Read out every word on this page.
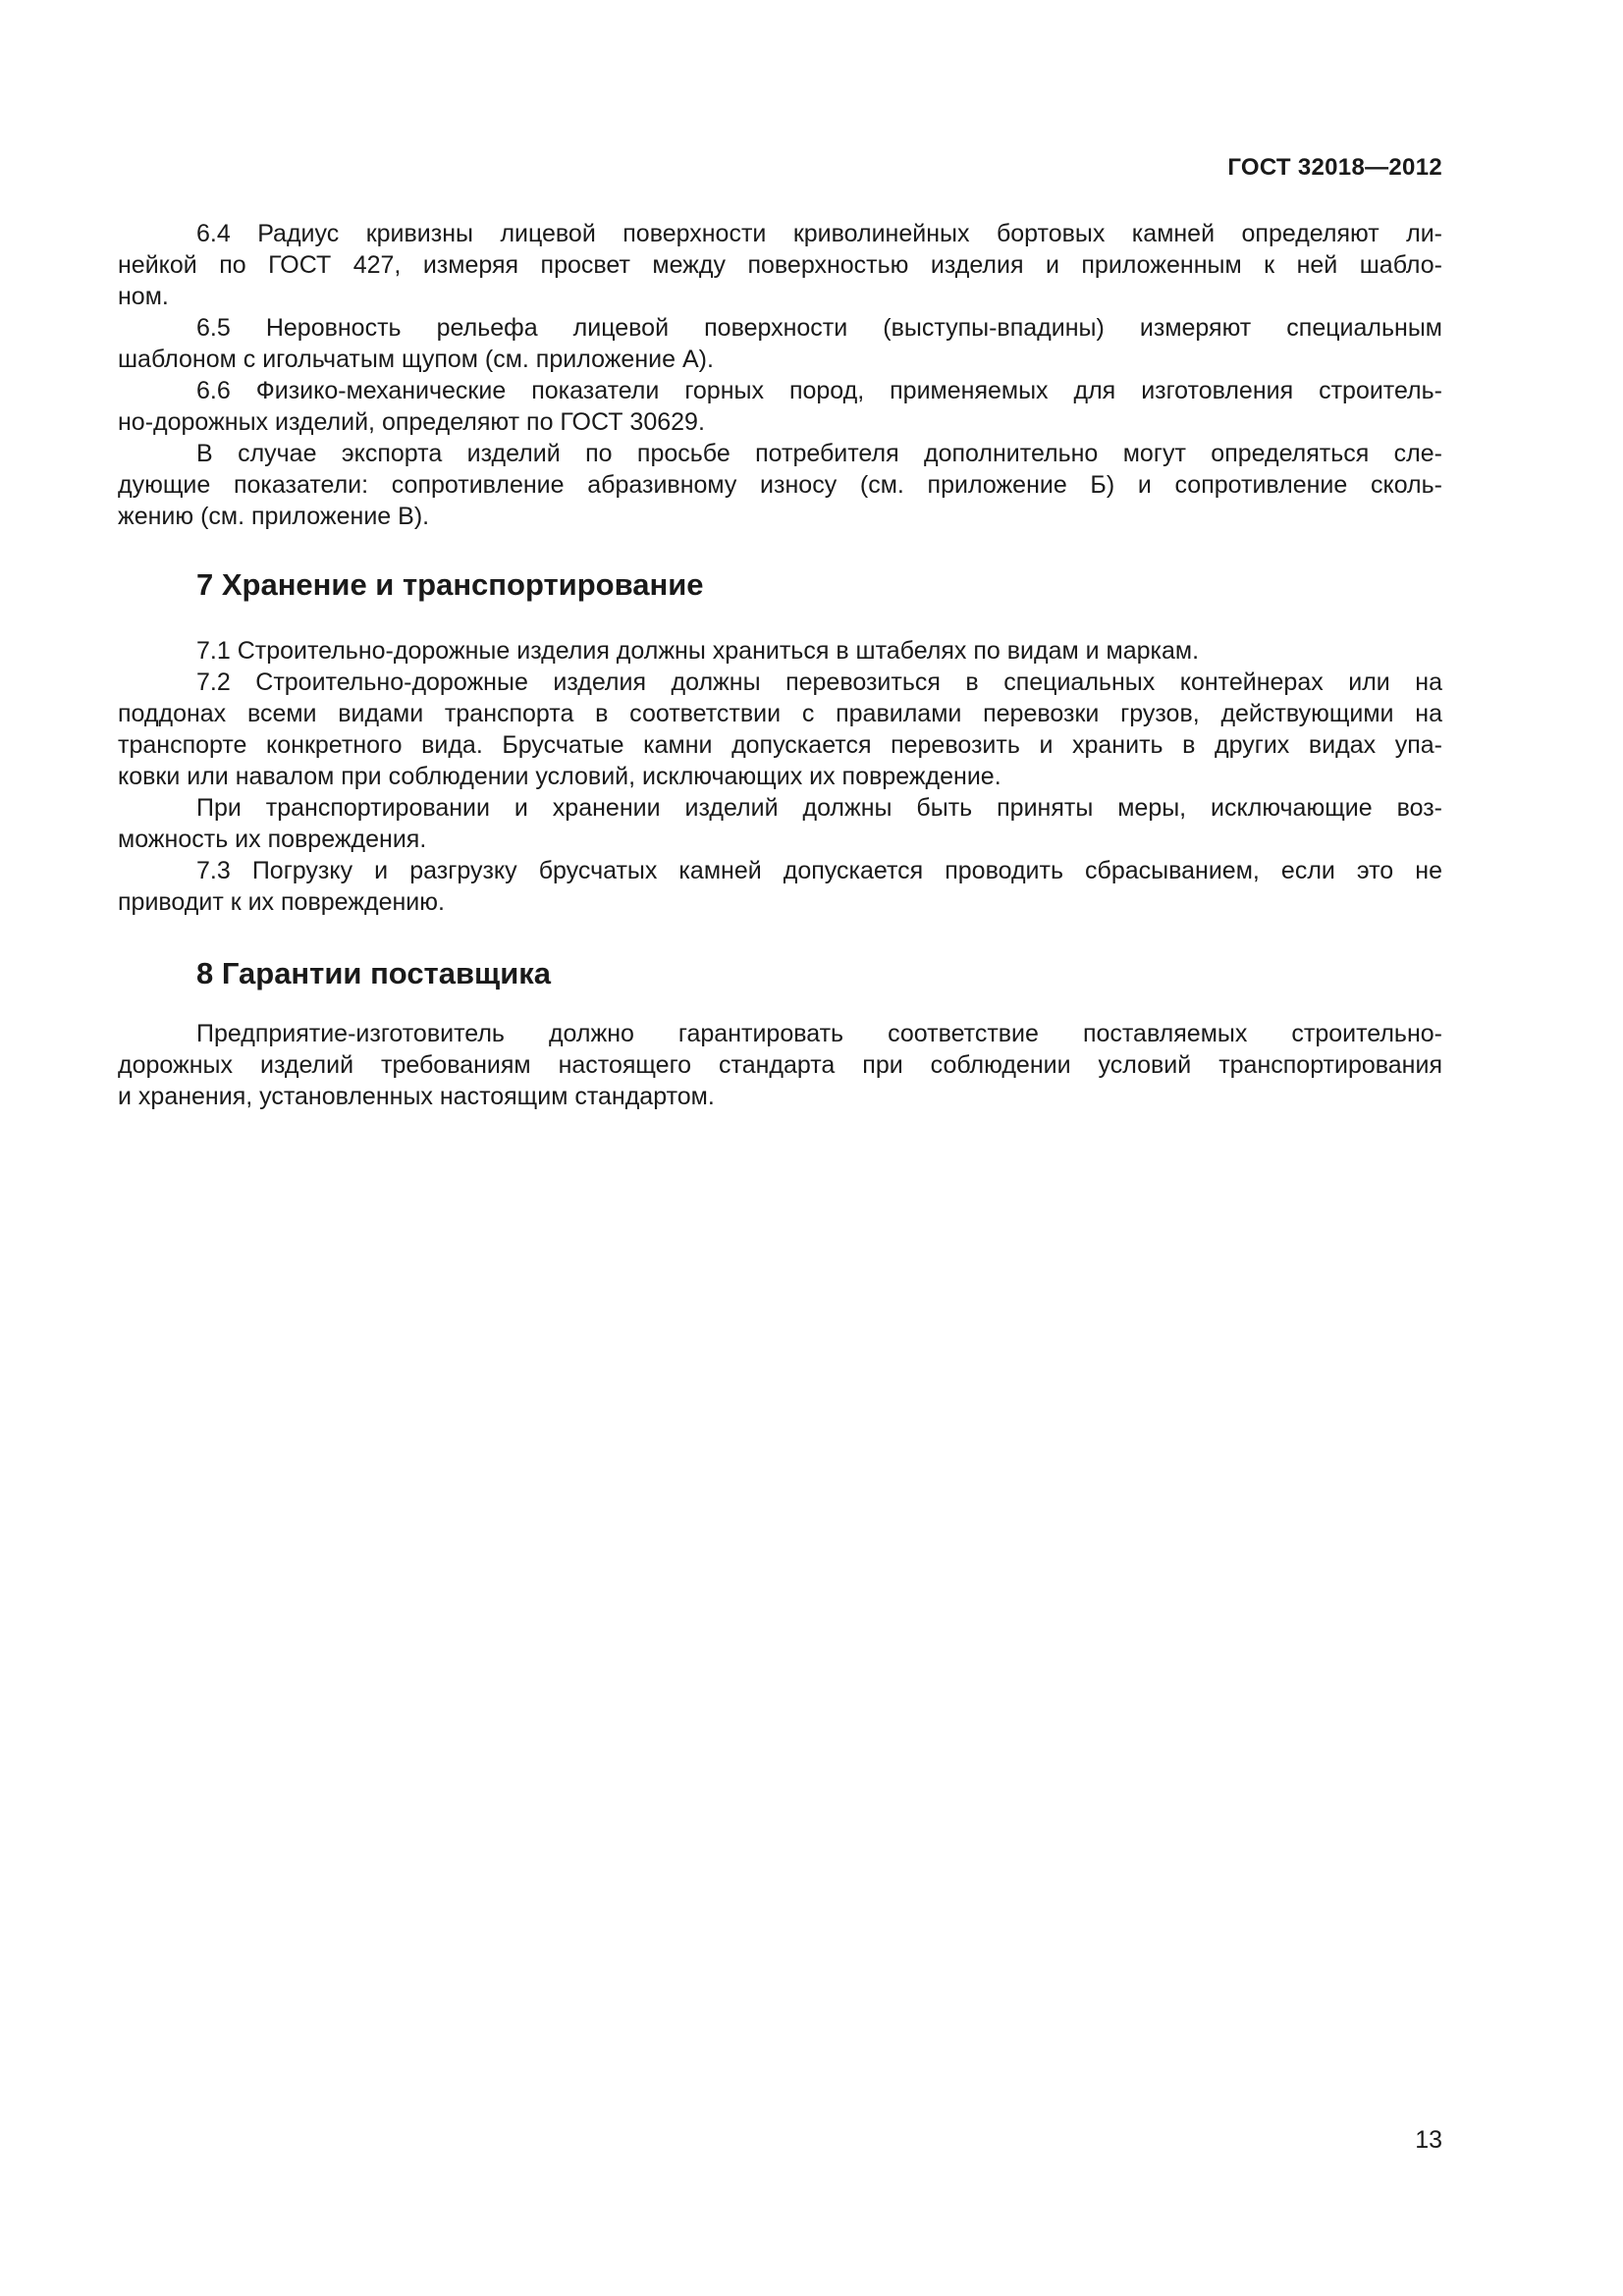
ГОСТ 32018—2012

6.4 Радиус кривизны лицевой поверхности криволинейных бортовых камней определяют ли-
нейкой по ГОСТ 427, измеряя просвет между поверхностью изделия и приложенным к ней шабло-
ном.

6.5 Неровность рельефа лицевой поверхности (выступы-впадины) измеряют специальным
шаблоном с игольчатым щупом (см. приложение А).

6.6 Физико-механические показатели горных пород, применяемых для изготовления строитель-
но-дорожных изделий, определяют по ГОСТ 30629.

В случае экспорта изделий по просьбе потребителя дополнительно могут определяться сле-
дующие показатели: сопротивление абразивному износу (см. приложение Б) и сопротивление сколь-
жению (см. приложение В).

7 Хранение и транспортирование

7.1 Строительно-дорожные изделия должны храниться в штабелях по видам и маркам.

7.2 Строительно-дорожные изделия должны перевозиться в специальных контейнерах или на
поддонах всеми видами транспорта в соответствии с правилами перевозки грузов, действующими на
транспорте конкретного вида. Брусчатые камни допускается перевозить и хранить в других видах упа-
ковки или навалом при соблюдении условий, исключающих их повреждение.

При транспортировании и хранении изделий должны быть приняты меры, исключающие воз-
можность их повреждения.

7.3 Погрузку и разгрузку брусчатых камней допускается проводить сбрасыванием, если это не
приводит к их повреждению.

8 Гарантии поставщика

Предприятие-изготовитель должно гарантировать соответствие поставляемых строительно-
дорожных изделий требованиям настоящего стандарта при соблюдении условий транспортирования
и хранения, установленных настоящим стандартом.

13
